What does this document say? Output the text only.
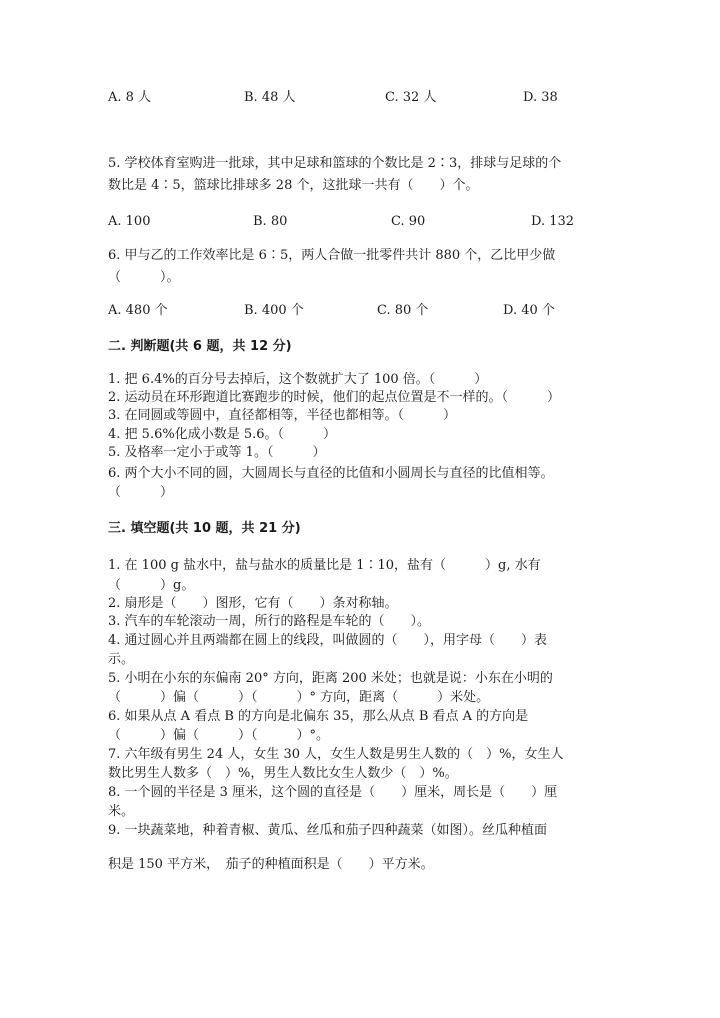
A. 8 人	B. 48 人	C. 32 人	D. 38
5. 学校体育室购进一批球，其中足球和篮球的个数比是 2∶3，排球与足球的个
数比是 4∶5，篮球比排球多 28 个，这批球一共有（　　）个。
A. 100	B. 80	C. 90	D. 132
6. 甲与乙的工作效率比是 6∶5，两人合做一批零件共计 880 个，乙比甲少做
（　　　）。
A. 480 个	B. 400 个	C. 80 个	D. 40 个
二. 判断题(共 6 题，共 12 分)
1. 把 6.4%的百分号去掉后，这个数就扩大了 100 倍。（　　　）
2. 运动员在环形跑道比赛跑步的时候，他们的起点位置是不一样的。（　　　）
3. 在同圆或等圆中，直径都相等，半径也都相等。（　　　）
4. 把 5.6%化成小数是 5.6。（　　　）
5. 及格率一定小于或等 1。（　　　）
6. 两个大小不同的圆，大圆周长与直径的比值和小圆周长与直径的比值相等。
（　　　）
三. 填空题(共 10 题，共 21 分)
1. 在 100 g 盐水中，盐与盐水的质量比是 1∶10，盐有（　　　）g, 水有
（　　　）g。
2. 扇形是（　　）图形，它有（　　）条对称轴。
3. 汽车的车轮滚动一周，所行的路程是车轮的（　　）。
4. 通过圆心并且两端都在圆上的线段，叫做圆的（　　），用字母（　　）表
示。
5. 小明在小东的东偏南 20° 方向，距离 200 米处；也就是说：小东在小明的
（　　　）偏（　　　）（　　　）° 方向，距离（　　　）米处。
6. 如果从点 A 看点 B 的方向是北偏东 35，那么从点 B 看点 A 的方向是
（　　　）偏（　　　）（　　　）°。
7. 六年级有男生 24 人，女生 30 人，女生人数是男生人数的（　）%，女生人
数比男生人数多（　）%，男生人数比女生人数少（　）%。
8. 一个圆的半径是 3 厘米，这个圆的直径是（　　）厘米，周长是（　　）厘
米。
9. 一块蔬菜地，种着青椒、黄瓜、丝瓜和茄子四种蔬菜（如图）。丝瓜种植面
积是 150 平方米，　茄子的种植面积是（　　）平方米。
